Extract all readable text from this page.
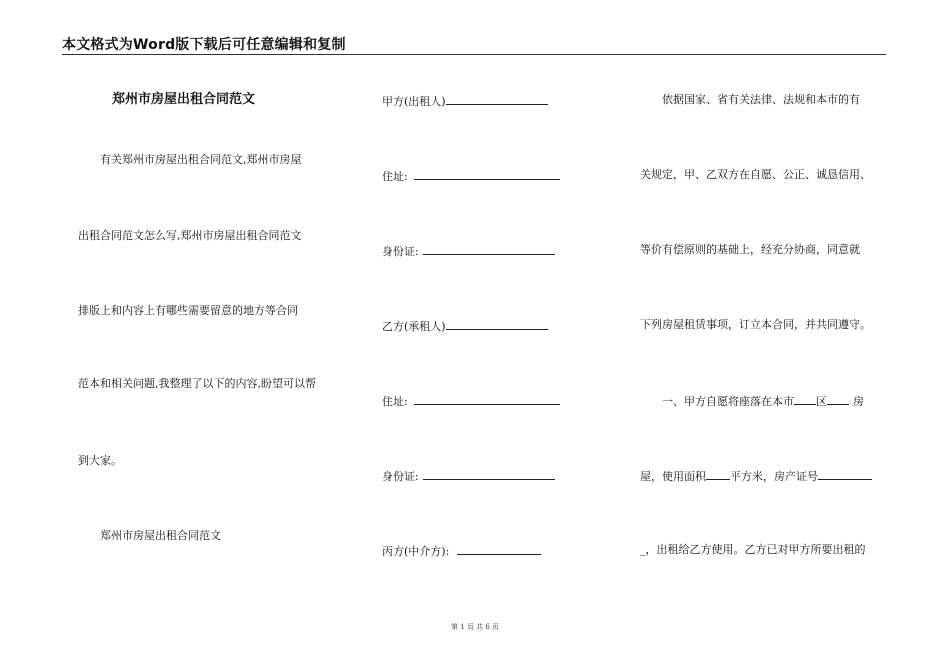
本文格式为Word版下载后可任意编辑和复制
郑州市房屋出租合同范文
有关郑州市房屋出租合同范文,郑州市房屋
出租合同范文怎么写,郑州市房屋出租合同范文
排版上和内容上有哪些需要留意的地方等合同
范本和相关问题,我整理了以下的内容,盼望可以帮
到大家。
郑州市房屋出租合同范文
甲方(出租人)
住址:
身份证:
乙方(承租人)
住址:
身份证:
丙方(中介方):
依据国家、省有关法律、法规和本市的有
关规定，甲、乙双方在自愿、公正、诚恳信用、
等价有偿原则的基础上，经充分协商，同意就
下列房屋租赁事项，订立本合同，并共同遵守。
一、甲方自愿将座落在本市 区 房
屋，使用面积 平方米，房产证号
_，出租给乙方使用。乙方已对甲方所要出租的
第 1 页 共 6 页
